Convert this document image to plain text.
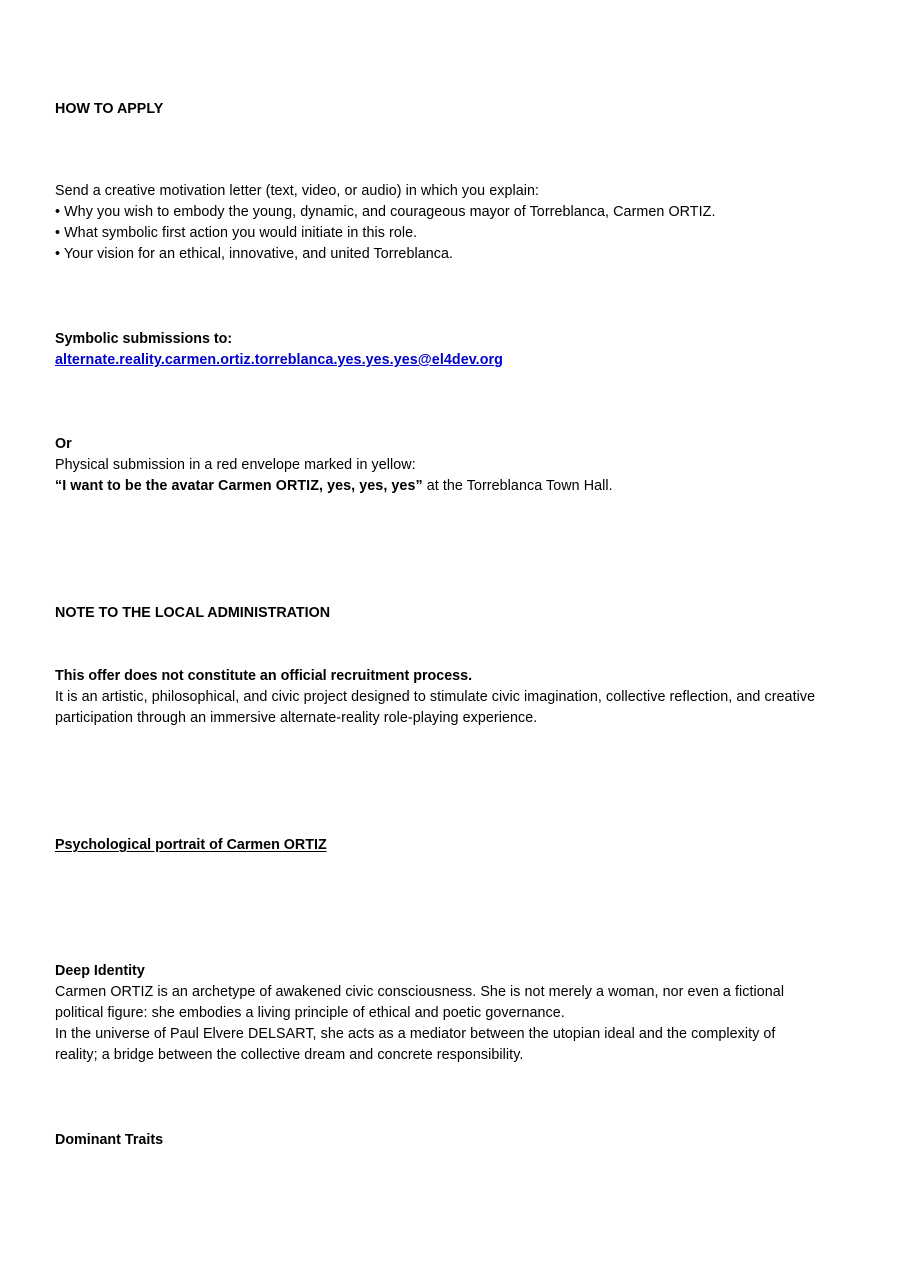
HOW TO APPLY

Send a creative motivation letter (text, video, or audio) in which you explain:
• Why you wish to embody the young, dynamic, and courageous mayor of Torreblanca, Carmen ORTIZ.
• What symbolic first action you would initiate in this role.
• Your vision for an ethical, innovative, and united Torreblanca.

Symbolic submissions to:
alternate.reality.carmen.ortiz.torreblanca.yes.yes.yes@el4dev.org
Or

Physical submission in a red envelope marked in yellow:
“I want to be the avatar Carmen ORTIZ, yes, yes, yes” at the Torreblanca Town Hall.

NOTE TO THE LOCAL ADMINISTRATION
This offer does not constitute an official recruitment process.

It is an artistic, philosophical, and civic project designed to stimulate civic imagination, collective reflection, and creative
participation through an immersive alternate-reality role-playing experience.

Psychological portrait of Carmen ORTIZ
Deep Identity

Carmen ORTIZ is an archetype of awakened civic consciousness. She is not merely a woman, nor even a fictional
political figure: she embodies a living principle of ethical and poetic governance.
In the universe of Paul Elvere DELSART, she acts as a mediator between the utopian ideal and the complexity of
reality; a bridge between the collective dream and concrete responsibility.

Dominant Traits
